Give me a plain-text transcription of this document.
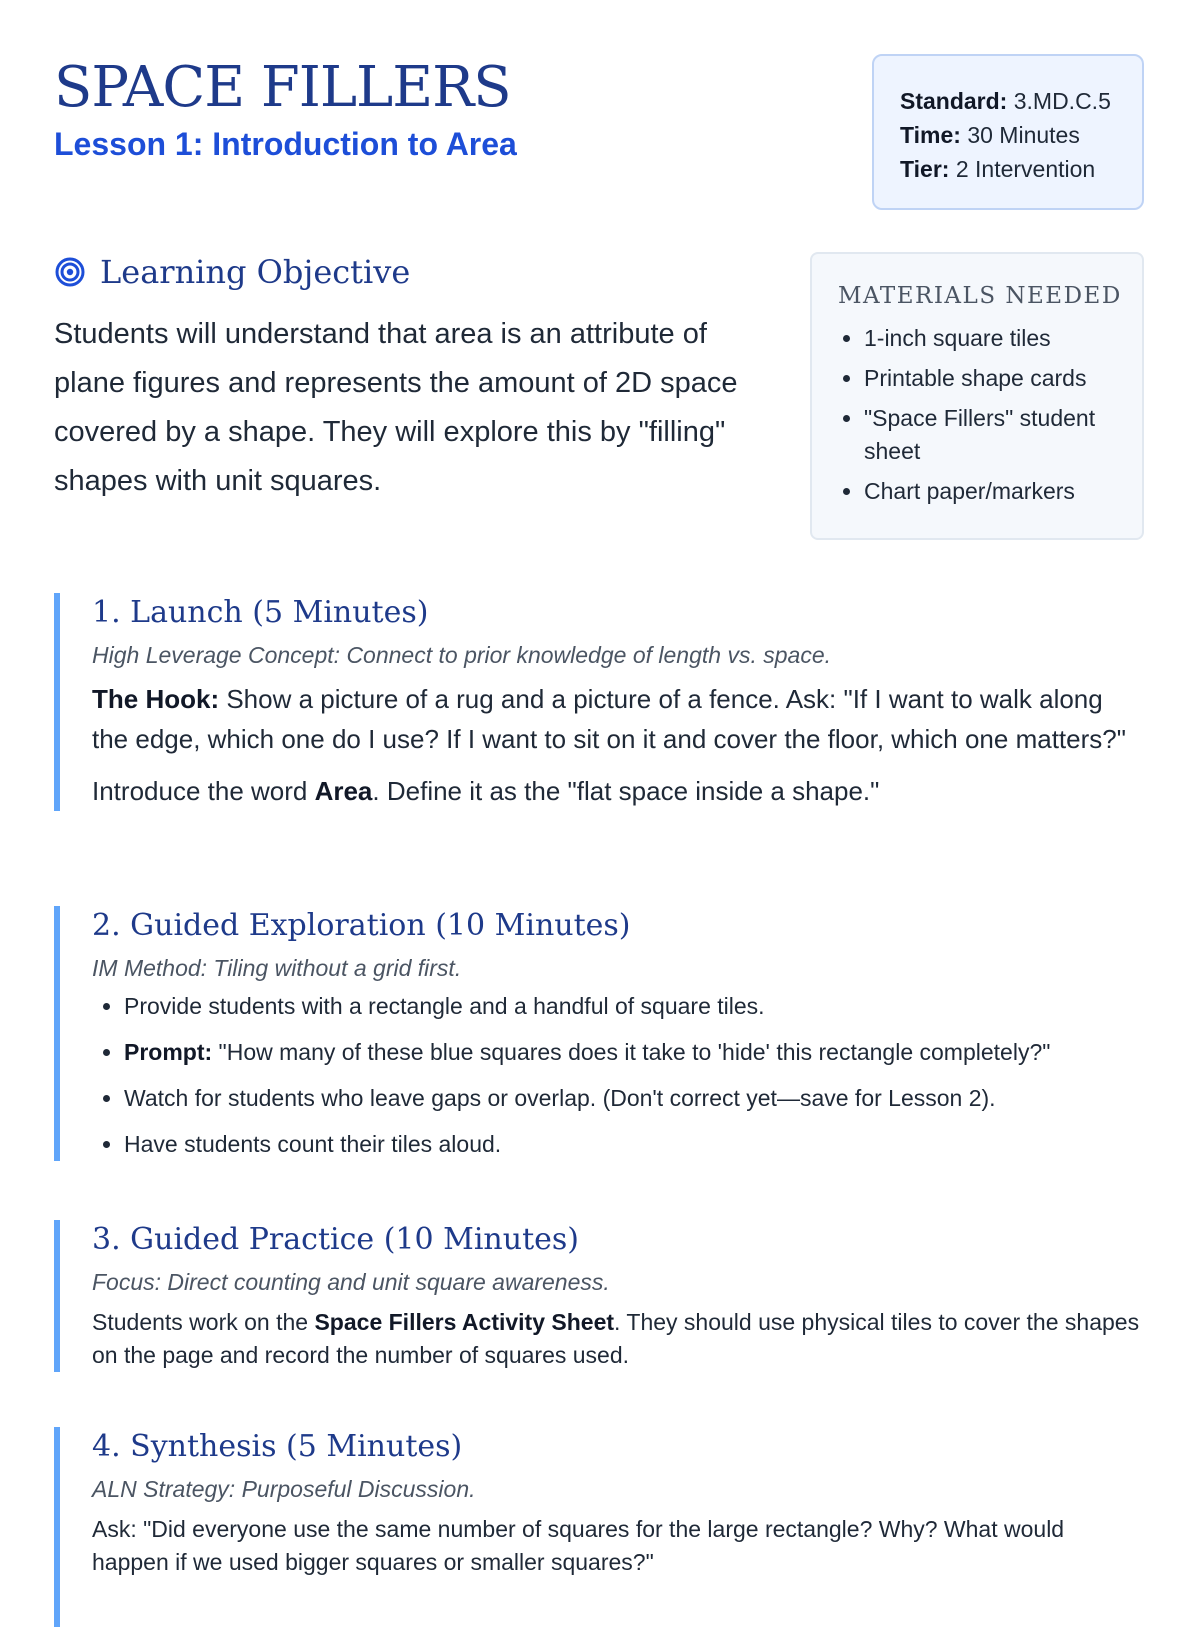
SPACE FILLERS
Lesson 1: Introduction to Area
Standard: 3.MD.C.5
Time: 30 Minutes
Tier: 2 Intervention
Learning Objective

Students will understand that area is an attribute of plane figures and represents the amount of 2D space covered by a shape. They will explore this by "filling" shapes with unit squares.

MATERIALS NEEDED
• 1-inch square tiles
• Printable shape cards
• "Space Fillers" student sheet
• Chart paper/markers
1. Launch (5 Minutes)
High Leverage Concept: Connect to prior knowledge of length vs. space.

The Hook: Show a picture of a rug and a picture of a fence. Ask: "If I want to walk along the edge, which one do I use? If I want to sit on it and cover the floor, which one matters?"

Introduce the word Area. Define it as the "flat space inside a shape."

2. Guided Exploration (10 Minutes)
IM Method: Tiling without a grid first.
• Provide students with a rectangle and a handful of square tiles.
• Prompt: "How many of these blue squares does it take to 'hide' this rectangle completely?"
• Watch for students who leave gaps or overlap. (Don't correct yet—save for Lesson 2).
• Have students count their tiles aloud.
3. Guided Practice (10 Minutes)
Focus: Direct counting and unit square awareness.

Students work on the Space Fillers Activity Sheet. They should use physical tiles to cover the shapes on the page and record the number of squares used.

4. Synthesis (5 Minutes)
ALN Strategy: Purposeful Discussion.

Ask: "Did everyone use the same number of squares for the large rectangle? Why? What would happen if we used bigger squares or smaller squares?"
